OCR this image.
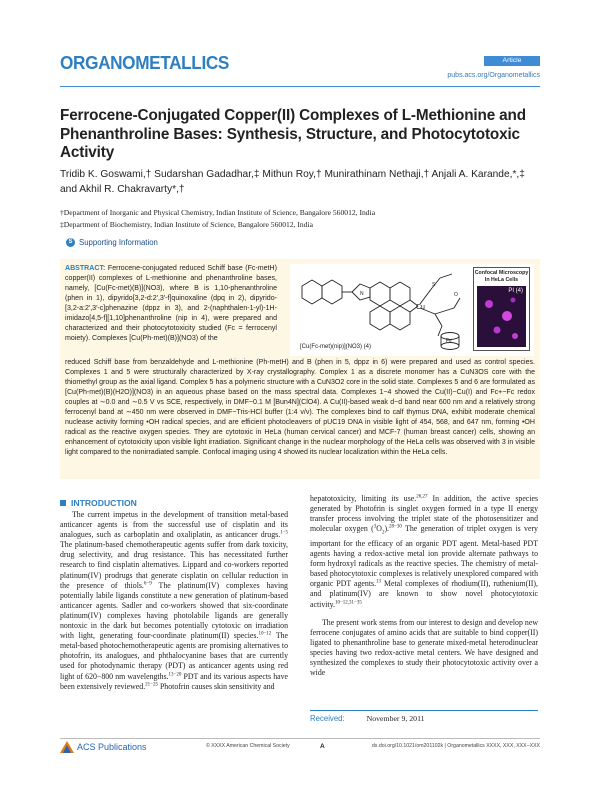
ORGANOMETALLICS	Article
pubs.acs.org/Organometallics
Ferrocene-Conjugated Copper(II) Complexes of L-Methionine and Phenanthroline Bases: Synthesis, Structure, and Photocytotoxic Activity
Tridib K. Goswami,† Sudarshan Gadadhar,‡ Mithun Roy,† Munirathinam Nethaji,† Anjali A. Karande,*,‡ and Akhil R. Chakravarty*,†
†Department of Inorganic and Physical Chemistry, Indian Institute of Science, Bangalore 560012, India
‡Department of Biochemistry, Indian Institute of Science, Bangalore 560012, India
S Supporting Information
ABSTRACT: Ferrocene-conjugated reduced Schiff base (Fc-metH) copper(II) complexes of L-methionine and phenanthroline bases, namely, [Cu(Fc-met)(B)](NO3), where B is 1,10-phenanthroline (phen in 1), dipyrido[3,2-d:2′,3′-f]quinoxaline (dpq in 2), dipyrido-[3,2-a:2′,3′-c]phenazine (dppz in 3), and 2-(naphthalen-1-yl)-1H-imidazo[4,5-f][1,10]phenanthroline (nip in 4), were prepared and characterized and their photocytotoxicity studied (Fc = ferrocenyl moiety). Complexes [Cu(Ph-met)(B)](NO3) of the
Cu
N
S
O
Fe
[Cu(Fc-met)(nip)](NO3) (4)
Confocal Microscopy In HeLa Cells
PI (4)
reduced Schiff base from benzaldehyde and L-methionine (Ph-metH) and B (phen in 5, dppz in 6) were prepared and used as control species. Complexes 1 and 5 were structurally characterized by X-ray crystallography. Complex 1 as a discrete monomer has a CuN3OS core with the thiomethyl group as the axial ligand. Complex 5 has a polymeric structure with a CuN3O2 core in the solid state. Complexes 5 and 6 are formulated as [Cu(Ph-met)(B)(H2O)](NO3) in an aqueous phase based on the mass spectral data. Complexes 1−4 showed the Cu(II)−Cu(I) and Fc+−Fc redox couples at ∼0.0 and ∼0.5 V vs SCE, respectively, in DMF−0.1 M [Bun4N](ClO4). A Cu(II)-based weak d−d band near 600 nm and a relatively strong ferrocenyl band at ∼450 nm were observed in DMF−Tris-HCl buffer (1:4 v/v). The complexes bind to calf thymus DNA, exhibit moderate chemical nuclease activity forming •OH radical species, and are efficient photocleavers of pUC19 DNA in visible light of 454, 568, and 647 nm, forming •OH radical as the reactive oxygen species. They are cytotoxic in HeLa (human cervical cancer) and MCF-7 (human breast cancer) cells, showing an enhancement of cytotoxicity upon visible light irradiation. Significant change in the nuclear morphology of the HeLa cells was observed with 3 in visible light compared to the nonirradiated sample. Confocal imaging using 4 showed its nuclear localization within the HeLa cells.
INTRODUCTION

The current impetus in the development of transition metal-based anticancer agents is from the successful use of cisplatin and its analogues, such as carboplatin and oxaliplatin, as anticancer drugs.$^{1-5}$ The platinum-based chemotherapeutic agents suffer from dark toxicity, drug selectivity, and drug resistance. This has necessitated further research to find cisplatin alternatives. Lippard and co-workers reported platinum(IV) prodrugs that generate cisplatin on cellular reduction in the presence of thiols.$^{6-9}$ The platinum(IV) complexes having potentially labile ligands constitute a new generation of platinum-based anticancer agents. Sadler and co-workers showed that six-coordinate platinum(IV) complexes having photolabile ligands are generally nontoxic in the dark but becomes potentially cytotoxic on irradiation with light, generating four-coordinate platinum(II) species.$^{10-12}$ The metal-based photochemotherapeutic agents are promising alternatives to photofrin, its analogues, and phthalocyanine bases that are currently used for photodynamic therapy (PDT) as anticancer agents using red light of 620−800 nm wavelengths.$^{13-20}$ PDT and its various aspects have been extensively reviewed.$^{21-25}$ Photofrin causes skin sensitivity and

hepatotoxicity, limiting its use.$^{26,27}$ In addition, the active species generated by Photofrin is singlet oxygen formed in a type II energy transfer process involving the triplet state of the photosensitizer and molecular oxygen $(^3O_2).^{28-30}$ The generation of triplet oxygen is very important for the efficacy of an organic PDT agent. Metal-based PDT agents having a redox-active metal ion provide alternate pathways to form hydroxyl radicals as the reactive species. The chemistry of metal-based photocytotoxic complexes is relatively unexplored compared with organic PDT agents.$^{13}$ Metal complexes of rhodium(II), ruthenium(II), and platinum(IV) are known to show novel photocytotoxic activity.$^{10-12,31-35}$

The present work stems from our interest to design and develop new ferrocene conjugates of amino acids that are suitable to bind copper(II) ligated to phenanthroline base to generate mixed-metal heterodinuclear species having two redox-active metal centers. We have designed and synthesized the complexes to study their photocytotoxic activity over a wide

Received:	November 9, 2011
ACS Publications	© XXXX American Chemical Society	A	dx.doi.org/10.1021/om201102k | Organometallics XXXX, XXX, XXX−XXX
